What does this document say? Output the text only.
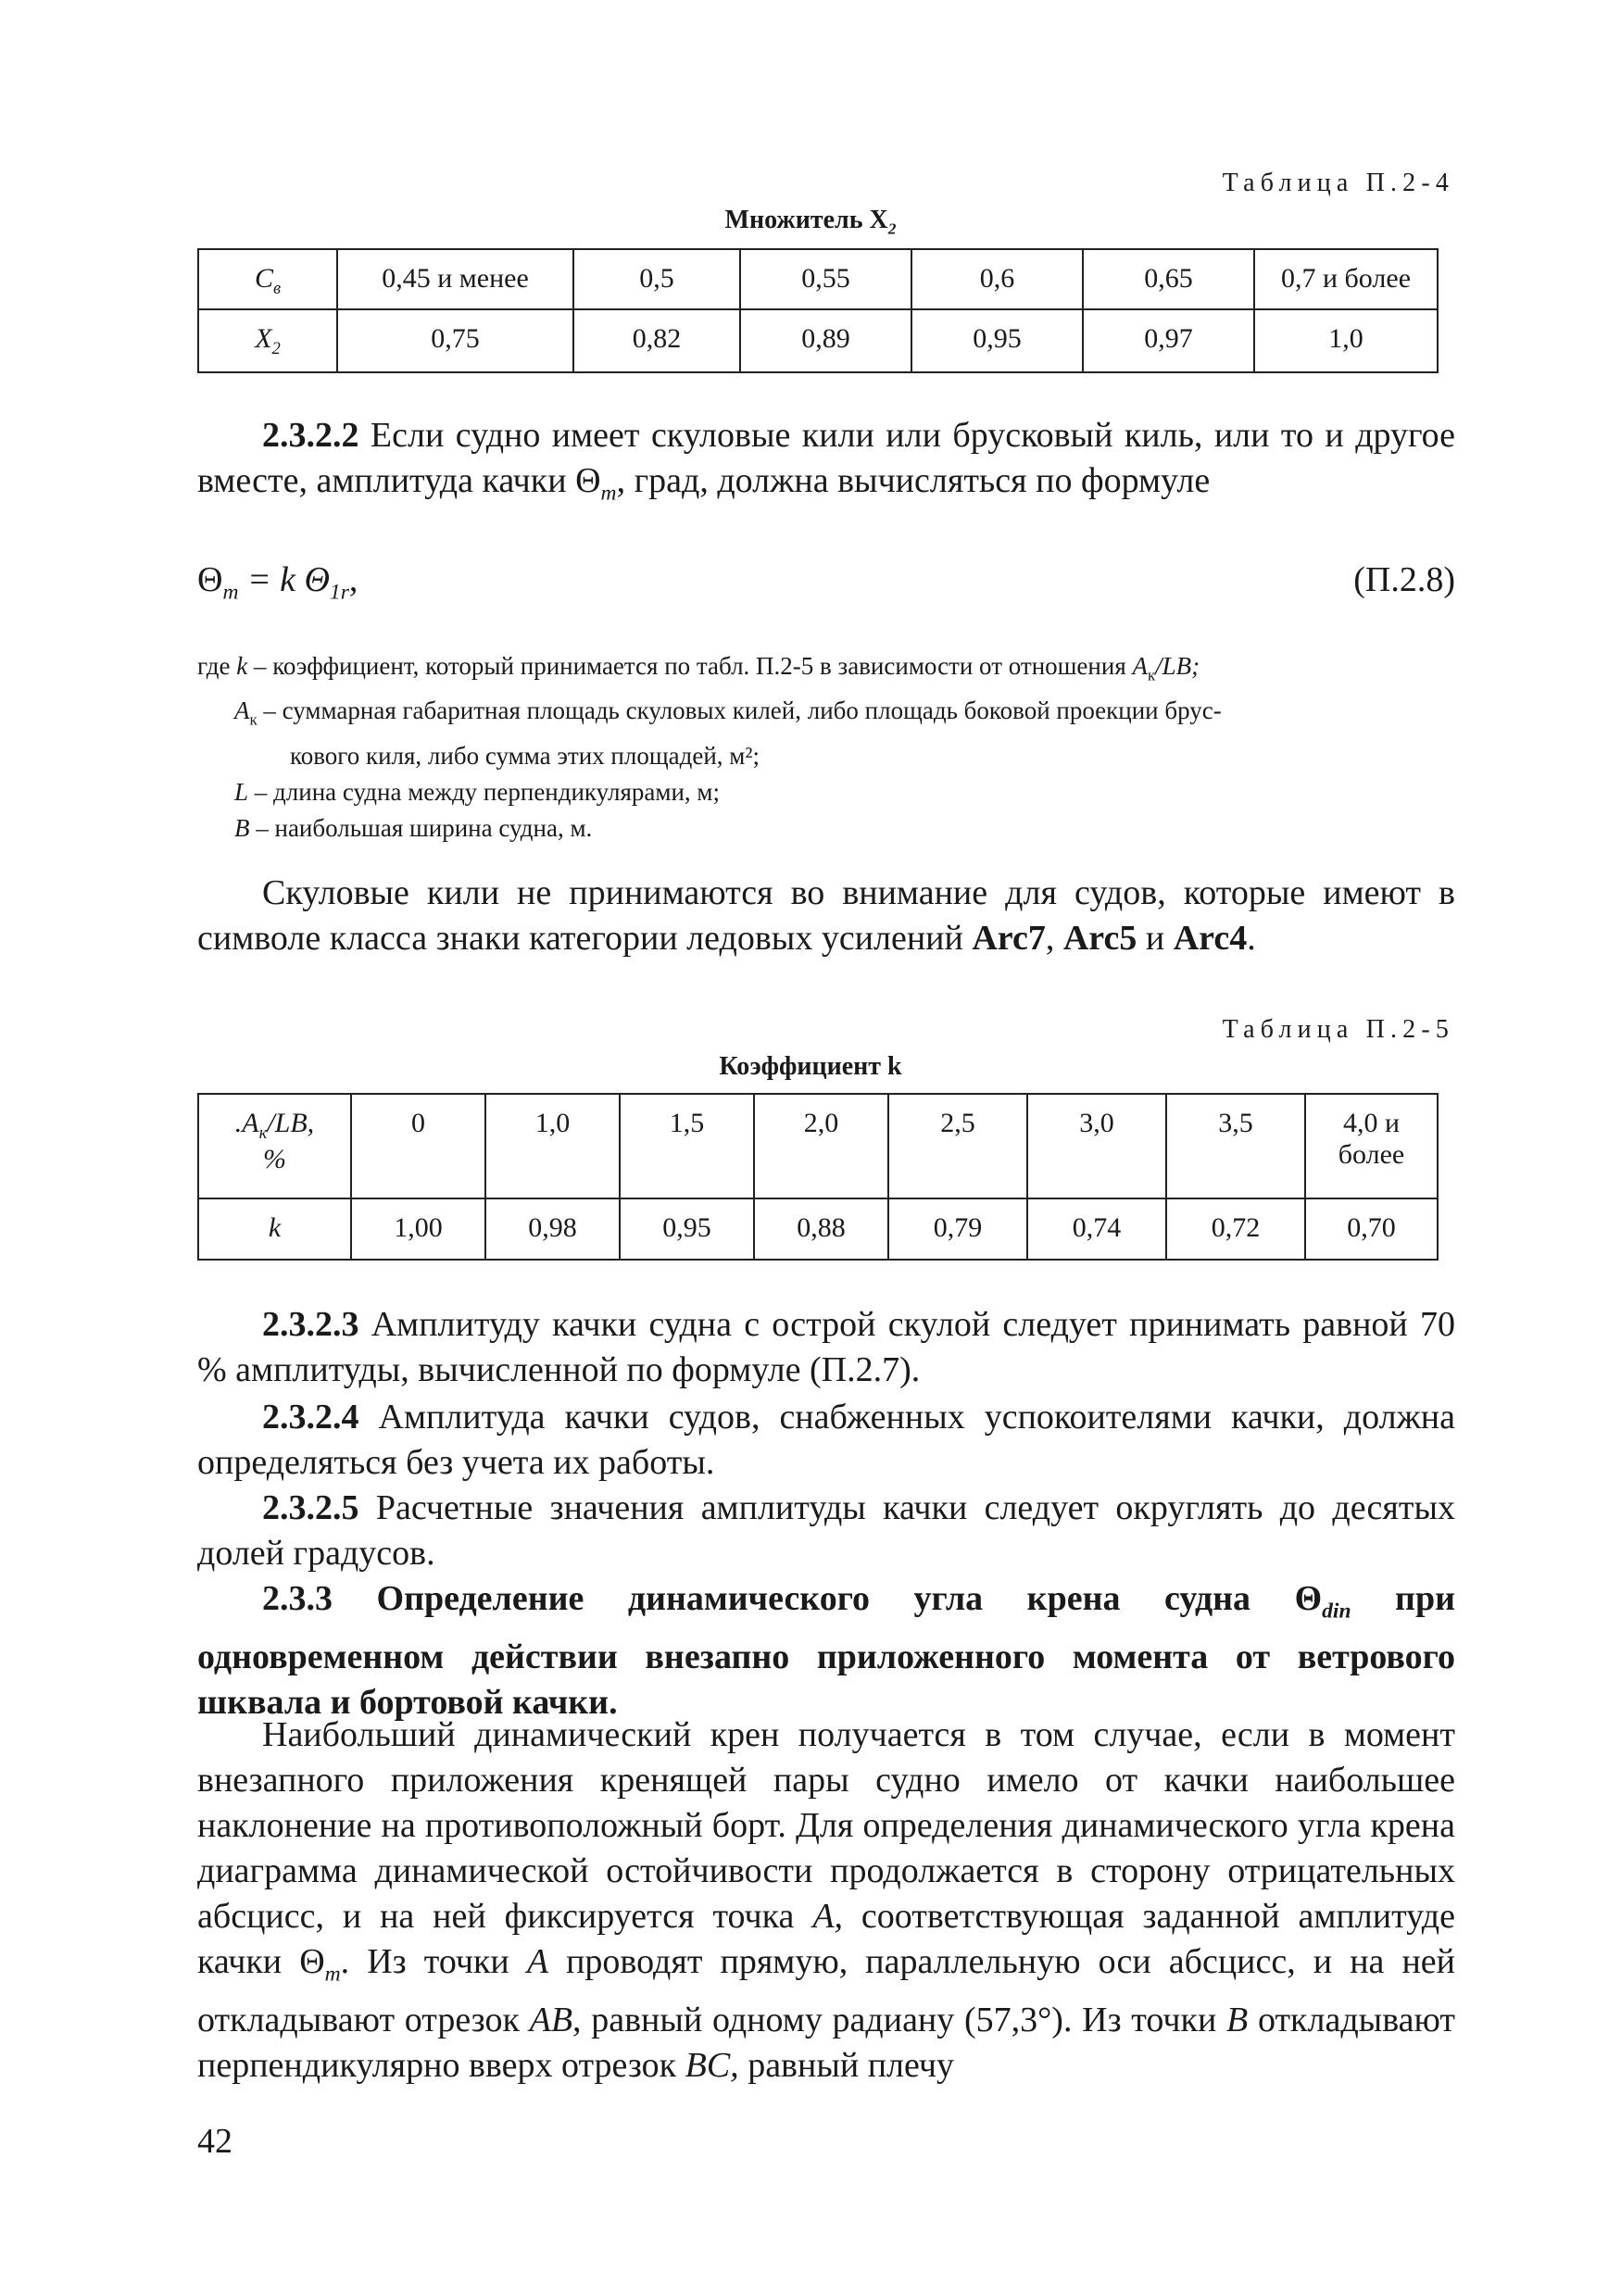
Таблица П.2-4
Множитель $X_2$
$C_в$	0,45 и менее	0,5	0,55	0,6	0,65	0,7 и более
$X_2$	0,75	0,82	0,89	0,95	0,97	1,0
2.3.2.2 Если судно имеет скуловые кили или брусковый киль, или то и другое вместе, амплитуда качки $\Theta_m$, град, должна вычисляться по формуле
$\Theta_m = k$ $\Theta_{1r}$,	(П.2.8)
где k – коэффициент, который принимается по табл. П.2-5 в зависимости от отношения $A_к/LB$;
$A_к$ – суммарная габаритная площадь скуловых килей, либо площадь боковой проекции брус-
кового киля, либо сумма этих площадей, м²;
L – длина судна между перпендикулярами, м;
B – наибольшая ширина судна, м.
Скуловые кили не принимаются во внимание для судов, которые имеют в символе класса знаки категории ледовых усилений Arc7, Arc5 и Arc4.
Таблица П.2-5
Коэффициент k
$.A_к/LB$,
%	0	1,0	1,5	2,0	2,5	3,0	3,5	4,0 и более
k	1,00	0,98	0,95	0,88	0,79	0,74	0,72	0,70
2.3.2.3 Амплитуду качки судна с острой скулой следует принимать равной 70 % амплитуды, вычисленной по формуле (П.2.7).
2.3.2.4 Амплитуда качки судов, снабженных успокоителями качки, должна определяться без учета их работы.
2.3.2.5 Расчетные значения амплитуды качки следует округлять до десятых долей градусов.
2.3.3 Определение динамического угла крена судна $\Theta_{din}$ при одновременном действии внезапно приложенного момента от ветрового шквала и бортовой качки.
Наибольший динамический крен получается в том случае, если в момент внезапного приложения кренящей пары судно имело от качки наибольшее наклонение на противоположный борт. Для определения динамического угла крена диаграмма динамической остойчивости продолжается в сторону отрицательных абсцисс, и на ней фиксируется точка A, соответствующая заданной амплитуде качки $\Theta_m$. Из точки A проводят прямую, параллельную оси абсцисс, и на ней откладывают отрезок AB, равный одному радиану (57,3°). Из точки B откладывают перпендикулярно вверх отрезок BC, равный плечу
42
